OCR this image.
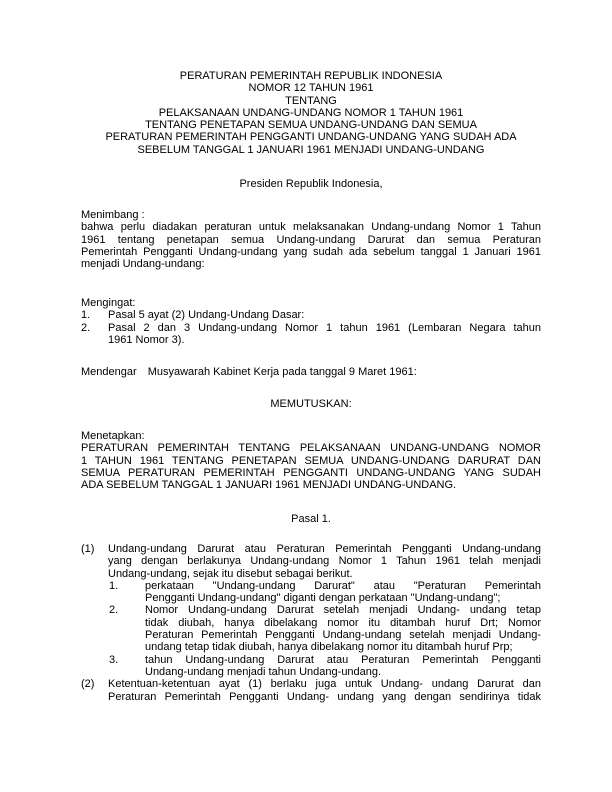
PERATURAN PEMERINTAH REPUBLIK INDONESIA
NOMOR 12 TAHUN 1961
TENTANG
PELAKSANAAN UNDANG-UNDANG NOMOR 1 TAHUN 1961
TENTANG PENETAPAN SEMUA UNDANG-UNDANG DAN SEMUA
PERATURAN PEMERINTAH PENGGANTI UNDANG-UNDANG YANG SUDAH ADA
SEBELUM TANGGAL 1 JANUARI 1961 MENJADI UNDANG-UNDANG
Presiden Republik Indonesia,
Menimbang :
bahwa perlu diadakan peraturan untuk melaksanakan Undang-undang Nomor 1 Tahun
1961 tentang penetapan semua Undang-undang Darurat dan semua Peraturan
Pemerintah Pengganti Undang-undang yang sudah ada sebelum tanggal 1 Januari 1961
menjadi Undang-undang:
Mengingat:
1. Pasal 5 ayat (2) Undang-Undang Dasar:
2. Pasal 2 dan 3 Undang-undang Nomor 1 tahun 1961 (Lembaran Negara tahun
1961 Nomor 3).
Mendengar Musyawarah Kabinet Kerja pada tanggal 9 Maret 1961:
MEMUTUSKAN:
Menetapkan:
PERATURAN PEMERINTAH TENTANG PELAKSANAAN UNDANG-UNDANG NOMOR
1 TAHUN 1961 TENTANG PENETAPAN SEMUA UNDANG-UNDANG DARURAT DAN
SEMUA PERATURAN PEMERINTAH PENGGANTI UNDANG-UNDANG YANG SUDAH
ADA SEBELUM TANGGAL 1 JANUARI 1961 MENJADI UNDANG-UNDANG.
Pasal 1.
(1) Undang-undang Darurat atau Peraturan Pemerintah Pengganti Undang-undang
yang dengan berlakunya Undang-undang Nomor 1 Tahun 1961 telah menjadi
Undang-undang, sejak itu disebut sebagai berikut.
1. perkataan "Undang-undang Darurat" atau "Peraturan Pemerintah
Pengganti Undang-undang" diganti dengan perkataan "Undang-undang";
2. Nomor Undang-undang Darurat setelah menjadi Undang- undang tetap
tidak diubah, hanya dibelakang nomor itu ditambah huruf Drt; Nomor
Peraturan Pemerintah Pengganti Undang-undang setelah menjadi Undang-
undang tetap tidak diubah, hanya dibelakang nomor itu ditambah huruf Prp;
3. tahun Undang-undang Darurat atau Peraturan Pemerintah Pengganti
Undang-undang menjadi tahun Undang-undang.
(2) Ketentuan-ketentuan ayat (1) berlaku juga untuk Undang- undang Darurat dan
Peraturan Pemerintah Pengganti Undang- undang yang dengan sendirinya tidak
